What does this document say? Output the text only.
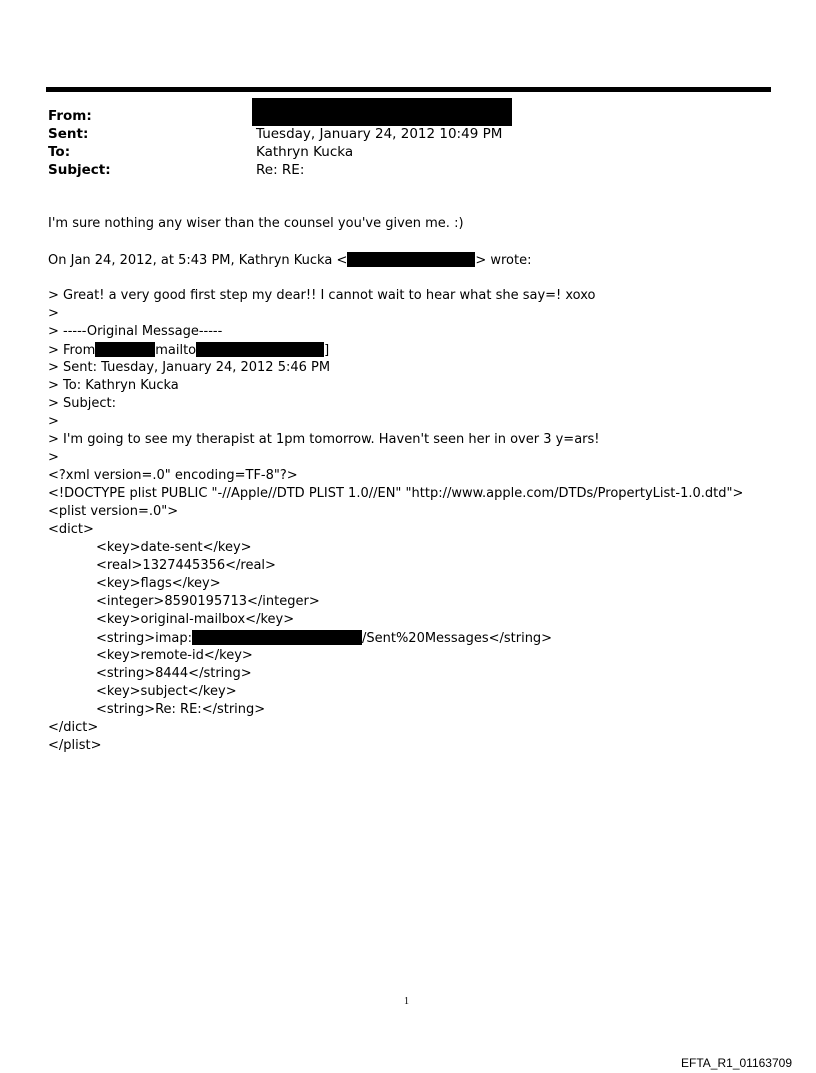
From:
Sent:	Tuesday, January 24, 2012 10:49 PM
To:	Kathryn Kucka
Subject:	Re: RE:
I'm sure nothing any wiser than the counsel you've given me. :)
On Jan 24, 2012, at 5:43 PM, Kathryn Kucka <	> wrote:
> Great! a very good first step my dear!! I cannot wait to hear what she say=! xoxo
>
> -----Original Message-----
> From	mailto	]
> Sent: Tuesday, January 24, 2012 5:46 PM
> To: Kathryn Kucka
> Subject:
>
> I'm going to see my therapist at 1pm tomorrow. Haven't seen her in over 3 y=ars!
>
<?xml version=.0" encoding=TF-8"?>
<!DOCTYPE plist PUBLIC "-//Apple//DTD PLIST 1.0//EN" "http://www.apple.com/DTDs/PropertyList-1.0.dtd">
<plist version=.0">
<dict>
<key>date-sent</key>
<real>1327445356</real>
<key>flags</key>
<integer>8590195713</integer>
<key>original-mailbox</key>
<string>imap:	/Sent%20Messages</string>
<key>remote-id</key>
<string>8444</string>
<key>subject</key>
<string>Re: RE:</string>
</dict>
</plist>
1
EFTA_R1_01163709
